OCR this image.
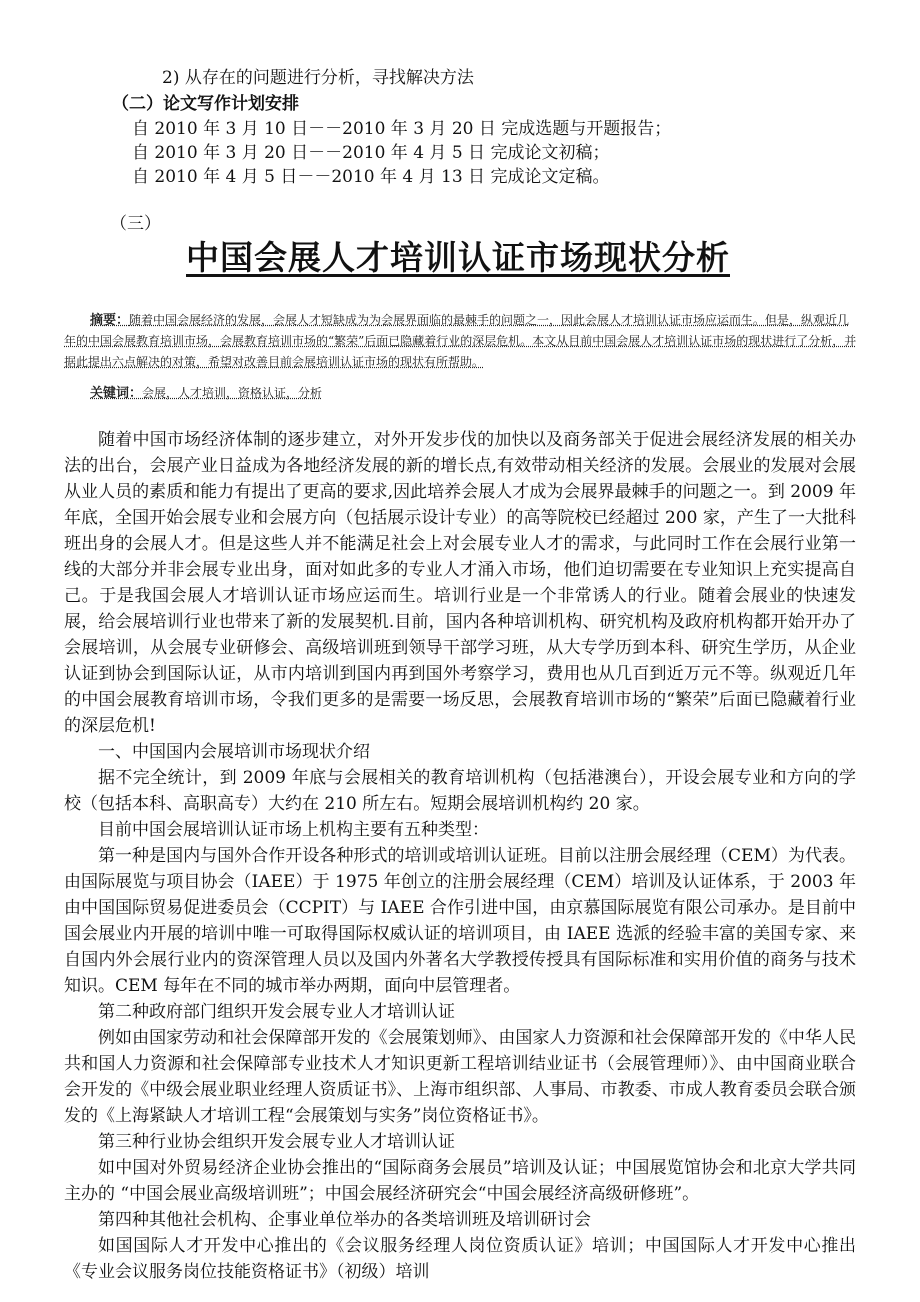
2) 从存在的问题进行分析，寻找解决方法
（二）论文写作计划安排
自 2010 年 3 月 10 日－－2010 年 3 月 20 日 完成选题与开题报告；
自 2010 年 3 月 20 日－－2010 年 4 月 5 日 完成论文初稿；
自 2010 年 4 月 5 日－－2010 年 4 月 13 日 完成论文定稿。
（三）
中国会展人才培训认证市场现状分析
摘要：随着中国会展经济的发展，会展人才短缺成为为会展界面临的最棘手的问题之一，因此会展人才培训认证市场应运而生。但是，纵观近几年的中国会展教育培训市场，会展教育培训市场的“繁荣”后面已隐藏着行业的深层危机。本文从目前中国会展人才培训认证市场的现状进行了分析，并据此提出六点解决的对策，希望对改善目前会展培训认证市场的现状有所帮助。
关键词：会展，人才培训，资格认证，分析

随着中国市场经济体制的逐步建立，对外开发步伐的加快以及商务部关于促进会展经济发展的相关办法的出台，会展产业日益成为各地经济发展的新的增长点,有效带动相关经济的发展。会展业的发展对会展从业人员的素质和能力有提出了更高的要求,因此培养会展人才成为会展界最棘手的问题之一。到 2009 年年底，全国开始会展专业和会展方向（包括展示设计专业）的高等院校已经超过 200 家，产生了一大批科班出身的会展人才。但是这些人并不能满足社会上对会展专业人才的需求，与此同时工作在会展行业第一线的大部分并非会展专业出身，面对如此多的专业人才涌入市场，他们迫切需要在专业知识上充实提高自己。于是我国会展人才培训认证市场应运而生。培训行业是一个非常诱人的行业。随着会展业的快速发展，给会展培训行业也带来了新的发展契机.目前，国内各种培训机构、研究机构及政府机构都开始开办了会展培训，从会展专业研修会、高级培训班到领导干部学习班，从大专学历到本科、研究生学历，从企业认证到协会到国际认证，从市内培训到国内再到国外考察学习，费用也从几百到近万元不等。纵观近几年的中国会展教育培训市场，令我们更多的是需要一场反思，会展教育培训市场的“繁荣”后面已隐藏着行业的深层危机!

一、中国国内会展培训市场现状介绍

据不完全统计，到 2009 年底与会展相关的教育培训机构（包括港澳台），开设会展专业和方向的学校（包括本科、高职高专）大约在 210 所左右。短期会展培训机构约 20 家。

目前中国会展培训认证市场上机构主要有五种类型：

第一种是国内与国外合作开设各种形式的培训或培训认证班。目前以注册会展经理（CEM）为代表。由国际展览与项目协会（IAEE）于 1975 年创立的注册会展经理（CEM）培训及认证体系，于 2003 年由中国国际贸易促进委员会（CCPIT）与 IAEE 合作引进中国，由京慕国际展览有限公司承办。是目前中国会展业内开展的培训中唯一可取得国际权威认证的培训项目，由 IAEE 选派的经验丰富的美国专家、来自国内外会展行业内的资深管理人员以及国内外著名大学教授传授具有国际标准和实用价值的商务与技术知识。CEM 每年在不同的城市举办两期，面向中层管理者。

第二种政府部门组织开发会展专业人才培训认证

例如由国家劳动和社会保障部开发的《会展策划师》、由国家人力资源和社会保障部开发的《中华人民共和国人力资源和社会保障部专业技术人才知识更新工程培训结业证书（会展管理师）》、由中国商业联合会开发的《中级会展业职业经理人资质证书》、上海市组织部、人事局、市教委、市成人教育委员会联合颁发的《上海紧缺人才培训工程“会展策划与实务”岗位资格证书》。

第三种行业协会组织开发会展专业人才培训认证

如中国对外贸易经济企业协会推出的“国际商务会展员”培训及认证；中国展览馆协会和北京大学共同主办的 “中国会展业高级培训班”；中国会展经济研究会“中国会展经济高级研修班”。

第四种其他社会机构、企事业单位举办的各类培训班及培训研讨会

如国国际人才开发中心推出的《会议服务经理人岗位资质认证》培训；中国国际人才开发中心推出《专业会议服务岗位技能资格证书》（初级）培训
